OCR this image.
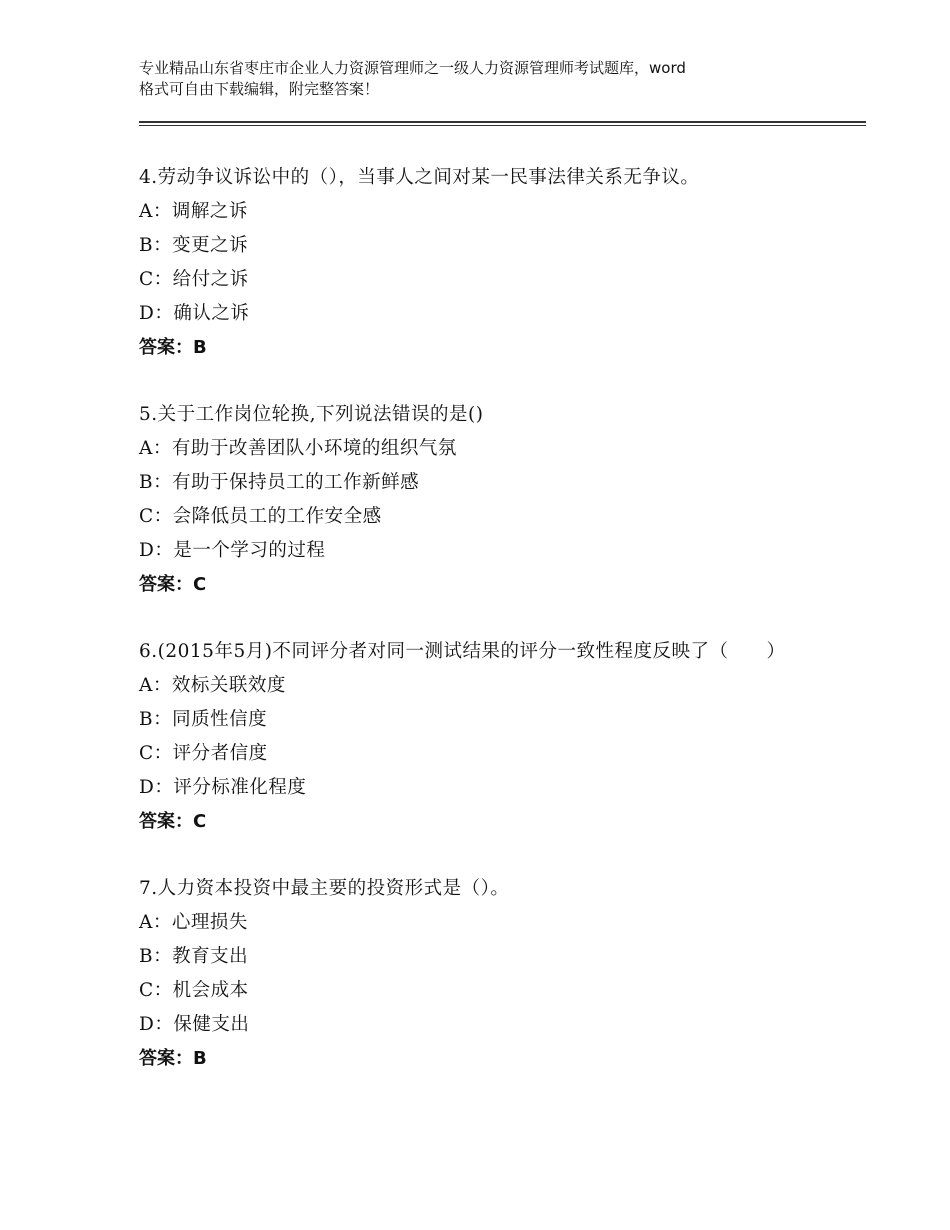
专业精品山东省枣庄市企业人力资源管理师之一级人力资源管理师考试题库，word
格式可自由下载编辑，附完整答案！
4.劳动争议诉讼中的（），当事人之间对某一民事法律关系无争议。
A：调解之诉
B：变更之诉
C：给付之诉
D：确认之诉
答案：B
5.关于工作岗位轮换,下列说法错误的是()
A：有助于改善团队小环境的组织气氛
B：有助于保持员工的工作新鲜感
C：会降低员工的工作安全感
D：是一个学习的过程
答案：C
6.(2015年5月)不同评分者对同一测试结果的评分一致性程度反映了（　　）
A：效标关联效度
B：同质性信度
C：评分者信度
D：评分标准化程度
答案：C
7.人力资本投资中最主要的投资形式是（）。
A：心理损失
B：教育支出
C：机会成本
D：保健支出
答案：B
